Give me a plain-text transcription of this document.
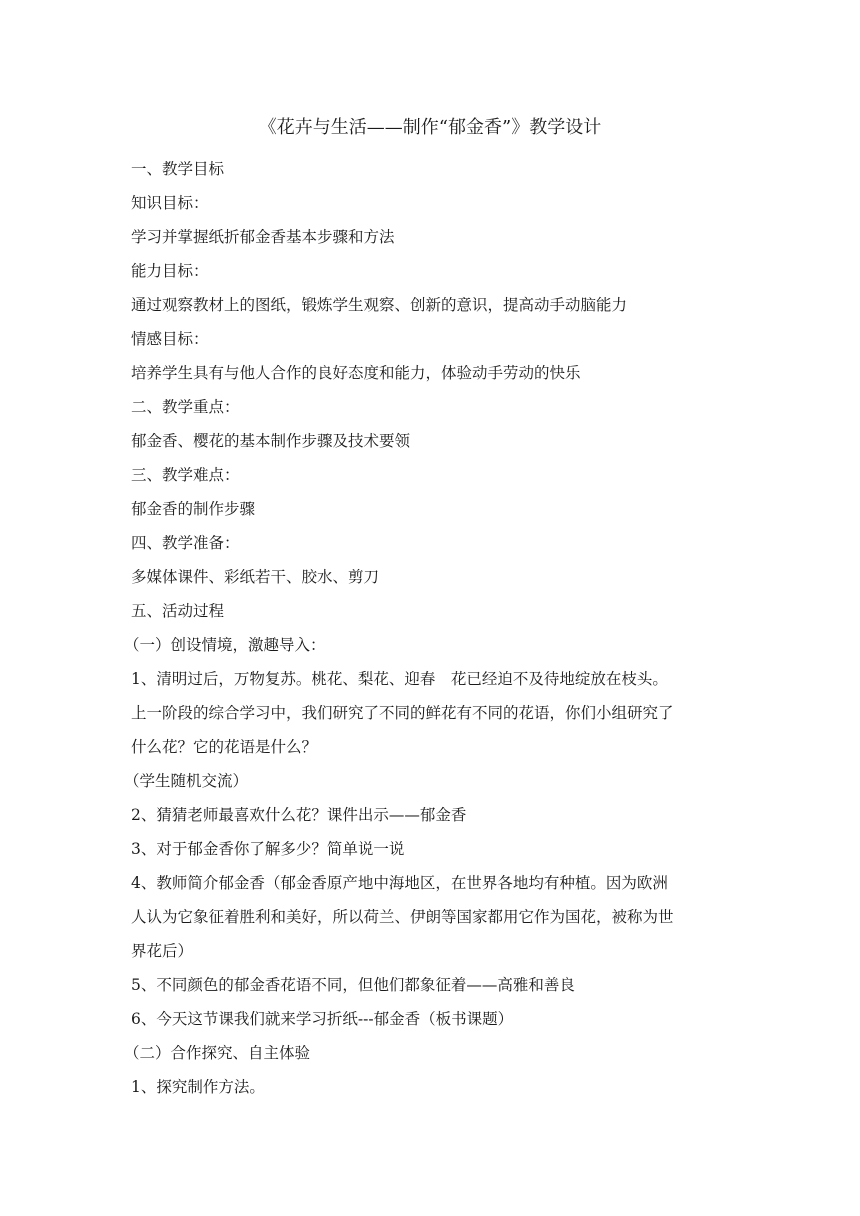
《花卉与生活——制作“郁金香”》教学设计
一、教学目标
知识目标：
学习并掌握纸折郁金香基本步骤和方法
能力目标：
通过观察教材上的图纸，锻炼学生观察、创新的意识，提高动手动脑能力
情感目标：
培养学生具有与他人合作的良好态度和能力，体验动手劳动的快乐
二、教学重点：
郁金香、樱花的基本制作步骤及技术要领
三、教学难点：
郁金香的制作步骤
四、教学准备：
多媒体课件、彩纸若干、胶水、剪刀
五、活动过程
（一）创设情境，激趣导入：
1、清明过后，万物复苏。桃花、梨花、迎春　花已经迫不及待地绽放在枝头。
上一阶段的综合学习中，我们研究了不同的鲜花有不同的花语，你们小组研究了
什么花？它的花语是什么？
（学生随机交流）
2、猜猜老师最喜欢什么花？课件出示——郁金香
3、对于郁金香你了解多少？简单说一说
4、教师简介郁金香（郁金香原产地中海地区，在世界各地均有种植。因为欧洲
人认为它象征着胜利和美好，所以荷兰、伊朗等国家都用它作为国花，被称为世
界花后）
5、不同颜色的郁金香花语不同，但他们都象征着——高雅和善良
6、今天这节课我们就来学习折纸---郁金香（板书课题）
（二）合作探究、自主体验
1、探究制作方法。
